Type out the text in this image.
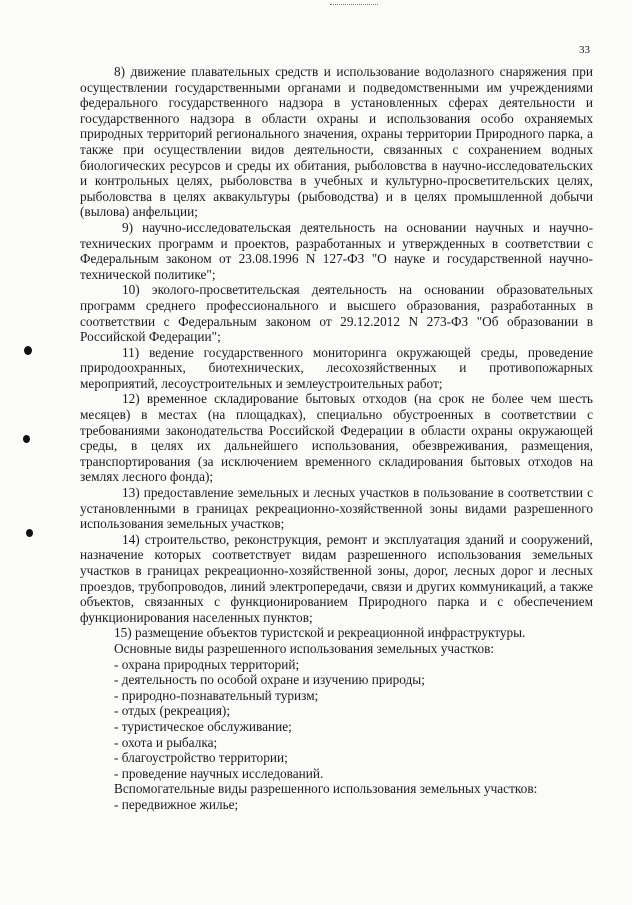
33

8) движение плавательных средств и использование водолазного снаряжения при осуществлении государственными органами и подведомственными им учреждениями федерального государственного надзора в установленных сферах деятельности и государственного надзора в области охраны и использования особо охраняемых природных территорий регионального значения, охраны территории Природного парка, а также при осуществлении видов деятельности, связанных с сохранением водных биологических ресурсов и среды их обитания, рыболовства в научно-исследовательских и контрольных целях, рыболовства в учебных и культурно-просветительских целях, рыболовства в целях аквакультуры (рыбоводства) и в целях промышленной добычи (вылова) анфельции;

9) научно-исследовательская деятельность на основании научных и научно-технических программ и проектов, разработанных и утвержденных в соответствии с Федеральным законом от 23.08.1996 N 127-ФЗ "О науке и государственной научно-технической политике";

10) эколого-просветительская деятельность на основании образовательных программ среднего профессионального и высшего образования, разработанных в соответствии с Федеральным законом от 29.12.2012 N 273-ФЗ "Об образовании в Российской Федерации";

11) ведение государственного мониторинга окружающей среды, проведение природоохранных, биотехнических, лесохозяйственных и противопожарных мероприятий, лесоустроительных и землеустроительных работ;

12) временное складирование бытовых отходов (на срок не более чем шесть месяцев) в местах (на площадках), специально обустроенных в соответствии с требованиями законодательства Российской Федерации в области охраны окружающей среды, в целях их дальнейшего использования, обезвреживания, размещения, транспортирования (за исключением временного складирования бытовых отходов на землях лесного фонда);

13) предоставление земельных и лесных участков в пользование в соответствии с установленными в границах рекреационно-хозяйственной зоны видами разрешенного использования земельных участков;

14) строительство, реконструкция, ремонт и эксплуатация зданий и сооружений, назначение которых соответствует видам разрешенного использования земельных участков в границах рекреационно-хозяйственной зоны, дорог, лесных дорог и лесных проездов, трубопроводов, линий электропередачи, связи и других коммуникаций, а также объектов, связанных с функционированием Природного парка и с обеспечением функционирования населенных пунктов;

15) размещение объектов туристской и рекреационной инфраструктуры.

Основные виды разрешенного использования земельных участков:

- охрана природных территорий;

- деятельность по особой охране и изучению природы;

- природно-познавательный туризм;

- отдых (рекреация);

- туристическое обслуживание;

- охота и рыбалка;

- благоустройство территории;

- проведение научных исследований.

Вспомогательные виды разрешенного использования земельных участков:

- передвижное жилье;
